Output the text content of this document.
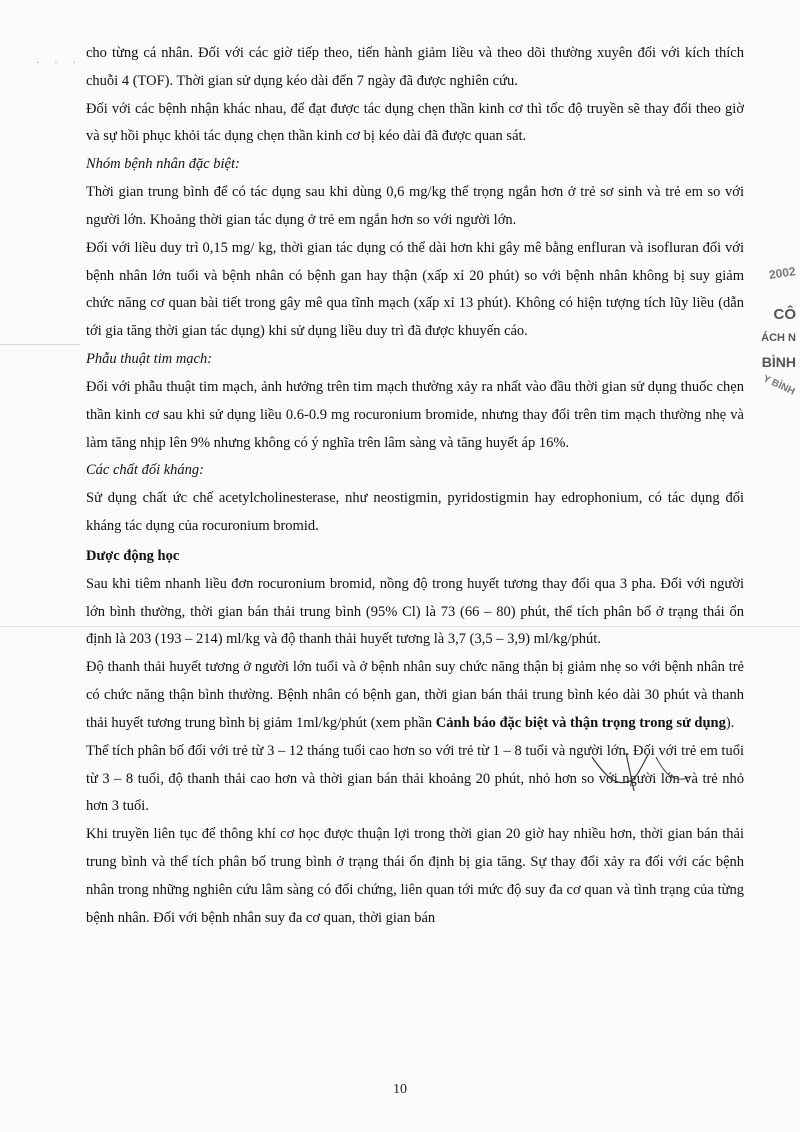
· · ·

cho từng cá nhân. Đối với các giờ tiếp theo, tiến hành giảm liều và theo dõi thường xuyên đối với kích thích chuỗi 4 (TOF). Thời gian sử dụng kéo dài đến 7 ngày đã được nghiên cứu.

Đối với các bệnh nhận khác nhau, để đạt được tác dụng chẹn thần kinh cơ thì tốc độ truyền sẽ thay đổi theo giờ và sự hồi phục khỏi tác dụng chẹn thần kinh cơ bị kéo dài đã được quan sát.

Nhóm bệnh nhân đặc biệt:

Thời gian trung bình để có tác dụng sau khi dùng 0,6 mg/kg thể trọng ngắn hơn ở trẻ sơ sinh và trẻ em so với người lớn. Khoảng thời gian tác dụng ở trẻ em ngắn hơn so với người lớn.

Đối với liều duy trì 0,15 mg/ kg, thời gian tác dụng có thể dài hơn khi gây mê bằng enfluran và isofluran đối với bệnh nhân lớn tuổi và bệnh nhân có bệnh gan hay thận (xấp xỉ 20 phút) so với bệnh nhân không bị suy giảm chức năng cơ quan bài tiết trong gây mê qua tĩnh mạch (xấp xỉ 13 phút). Không có hiện tượng tích lũy liều (dẫn tới gia tăng thời gian tác dụng) khi sử dụng liều duy trì đã được khuyến cáo.

Phẫu thuật tim mạch:

Đối với phẫu thuật tim mạch, ảnh hưởng trên tim mạch thường xảy ra nhất vào đầu thời gian sử dụng thuốc chẹn thần kinh cơ sau khi sử dụng liều 0.6-0.9 mg rocuronium bromide, nhưng thay đổi trên tim mạch thường nhẹ và làm tăng nhịp lên 9% nhưng không có ý nghĩa trên lâm sàng và tăng huyết áp 16%.

Các chất đối kháng:

Sử dụng chất ức chế acetylcholinesterase, như neostigmin, pyridostigmin hay edrophonium, có tác dụng đối kháng tác dụng của rocuronium bromid.

Dược động học

Sau khi tiêm nhanh liều đơn rocuronium bromid, nồng độ trong huyết tương thay đổi qua 3 pha. Đối với người lớn bình thường, thời gian bán thải trung bình (95% Cl) là 73 (66 – 80) phút, thể tích phân bố ở trạng thái ổn định là 203 (193 – 214) ml/kg và độ thanh thải huyết tương là 3,7 (3,5 – 3,9) ml/kg/phút.

Độ thanh thải huyết tương ở người lớn tuổi và ở bệnh nhân suy chức năng thận bị giảm nhẹ so với bệnh nhân trẻ có chức năng thận bình thường. Bệnh nhân có bệnh gan, thời gian bán thải trung bình kéo dài 30 phút và thanh thải huyết tương trung bình bị giảm 1ml/kg/phút (xem phần Cảnh báo đặc biệt và thận trọng trong sử dụng).

Thể tích phân bố đối với trẻ từ 3 – 12 tháng tuổi cao hơn so với trẻ từ 1 – 8 tuổi và người lớn. Đối với trẻ em tuổi từ 3 – 8 tuổi, độ thanh thải cao hơn và thời gian bán thải khoảng 20 phút, nhỏ hơn so với người lớn và trẻ nhỏ hơn 3 tuổi.

Khi truyền liên tục để thông khí cơ học được thuận lợi trong thời gian 20 giờ hay nhiều hơn, thời gian bán thải trung bình và thể tích phân bố trung bình ở trạng thái ổn định bị gia tăng. Sự thay đổi xảy ra đối với các bệnh nhân trong những nghiên cứu lâm sàng có đối chứng, liên quan tới mức độ suy đa cơ quan và tình trạng của từng bệnh nhân. Đối với bệnh nhân suy đa cơ quan, thời gian bán

2002
CÔ
ÁCH N
BÌNH
Y BÌNH
10
